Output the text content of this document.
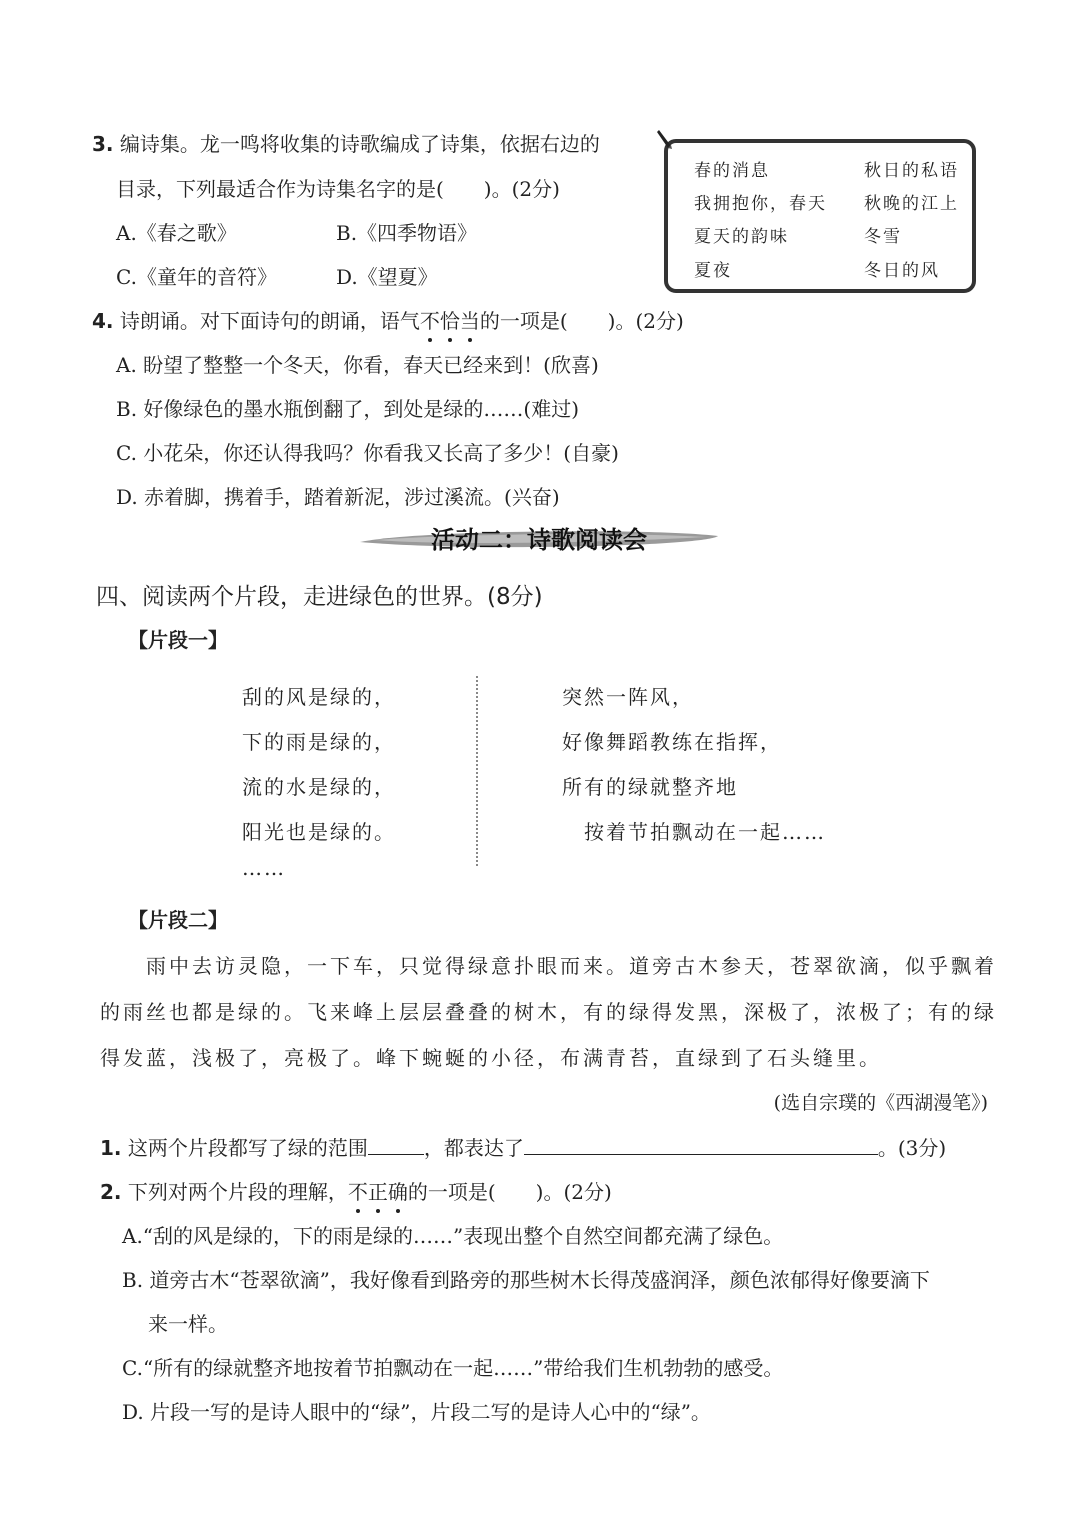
3. 编诗集。龙一鸣将收集的诗歌编成了诗集，依据右边的
目录，下列最适合作为诗集名字的是(　　)。(2分)
A.《春之歌》	B.《四季物语》
C.《童年的音符》	D.《望夏》
春的消息	秋日的私语
我拥抱你，春天 秋晚的江上
夏天的韵味	冬雪
夏夜	冬日的风
4. 诗朗诵。对下面诗句的朗诵，语气不恰当的一项是(　　)。(2分)
A. 盼望了整整一个冬天，你看，春天已经来到！(欣喜)
B. 好像绿色的墨水瓶倒翻了，到处是绿的……(难过)
C. 小花朵，你还认得我吗？你看我又长高了多少！(自豪)
D. 赤着脚，携着手，踏着新泥，涉过溪流。(兴奋)
活动二：诗歌阅读会
四、阅读两个片段，走进绿色的世界。(8分)
【片段一】
刮的风是绿的，
下的雨是绿的，
流的水是绿的，
阳光也是绿的。
……
突然一阵风，
好像舞蹈教练在指挥，
所有的绿就整齐地
按着节拍飘动在一起……
【片段二】
雨中去访灵隐，一下车，只觉得绿意扑眼而来。道旁古木参天，苍翠欲滴，似乎飘着
的雨丝也都是绿的。飞来峰上层层叠叠的树木，有的绿得发黑，深极了，浓极了；有的绿
得发蓝，浅极了，亮极了。峰下蜿蜒的小径，布满青苔，直绿到了石头缝里。
(选自宗璞的《西湖漫笔》)
1. 这两个片段都写了绿的范围	，都表达了	。(3分)
2. 下列对两个片段的理解，不正确的一项是(　　)。(2分)
A.“刮的风是绿的，下的雨是绿的……”表现出整个自然空间都充满了绿色。
B. 道旁古木“苍翠欲滴”，我好像看到路旁的那些树木长得茂盛润泽，颜色浓郁得好像要滴下
来一样。
C.“所有的绿就整齐地按着节拍飘动在一起……”带给我们生机勃勃的感受。
D. 片段一写的是诗人眼中的“绿”，片段二写的是诗人心中的“绿”。
